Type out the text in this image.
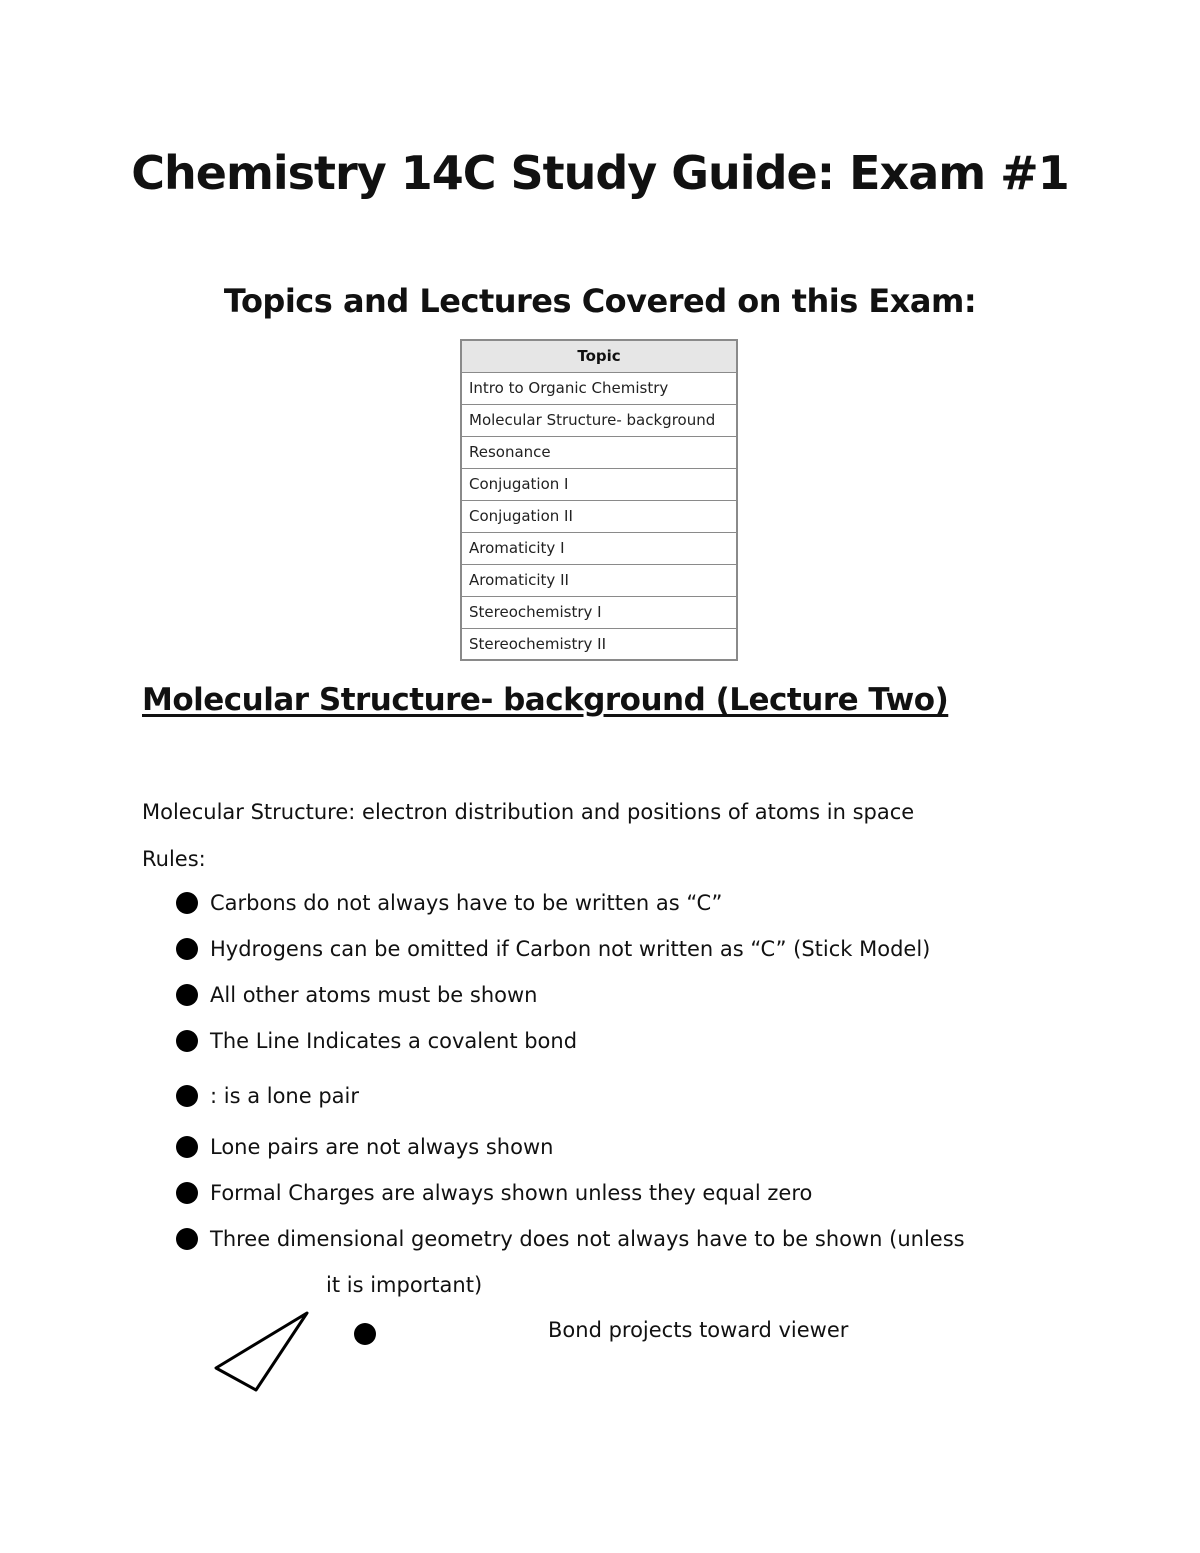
Chemistry 14C Study Guide: Exam #1
Topics and Lectures Covered on this Exam:
Topic
Intro to Organic Chemistry
Molecular Structure- background
Resonance
Conjugation I
Conjugation II
Aromaticity I
Aromaticity II
Stereochemistry I
Stereochemistry II
Molecular Structure- background (Lecture Two)

Molecular Structure: electron distribution and positions of atoms in space

Rules:

Carbons do not always have to be written as “C”
Hydrogens can be omitted if Carbon not written as “C” (Stick Model)
All other atoms must be shown
The Line Indicates a covalent bond
: is a lone pair
Lone pairs are not always shown
Formal Charges are always shown unless they equal zero
Three dimensional geometry does not always have to be shown (unless

it is important)

Bond projects toward viewer
